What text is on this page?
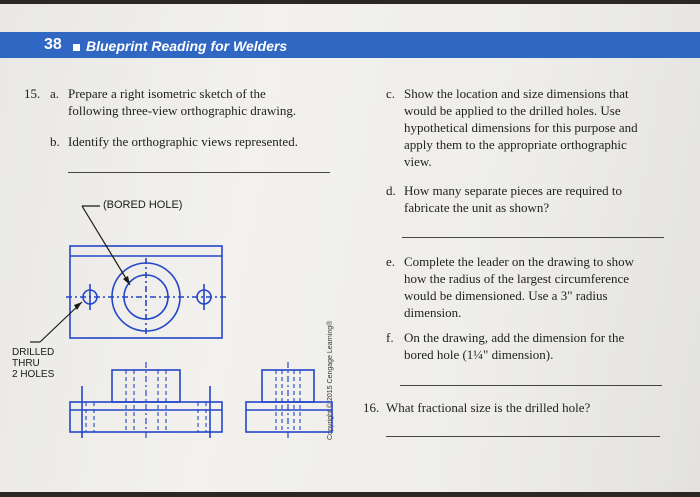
38 Blueprint Reading for Welders
15. a. Prepare a right isometric sketch of the
following three-view orthographic drawing.
b. Identify the orthographic views represented.
c. Show the location and size dimensions that
would be applied to the drilled holes. Use
hypothetical dimensions for this purpose and
apply them to the appropriate orthographic
view.
d. How many separate pieces are required to
fabricate the unit as shown?
e. Complete the leader on the drawing to show
how the radius of the largest circumference
would be dimensioned. Use a 3" radius
dimension.
f. On the drawing, add the dimension for the
bored hole (1¼" dimension).
16. What fractional size is the drilled hole?
(BORED HOLE)
DRILLED
THRU
2 HOLES	Copyright © 2015 Cengage Learning®
